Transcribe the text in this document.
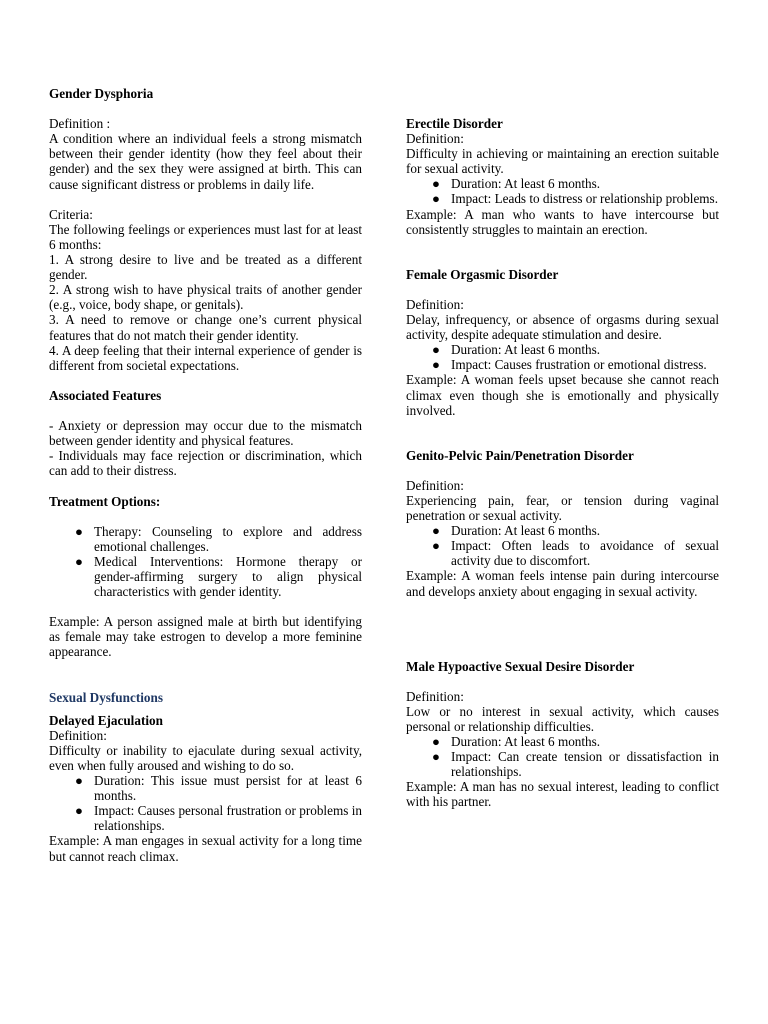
Gender Dysphoria

Definition :

A condition where an individual feels a strong mismatch between their gender identity (how they feel about their gender) and the sex they were assigned at birth. This can cause significant distress or problems in daily life.

Criteria:

The following feelings or experiences must last for at least 6 months:

1. A strong desire to live and be treated as a different gender.

2. A strong wish to have physical traits of another gender (e.g., voice, body shape, or genitals).

3. A need to remove or change one’s current physical features that do not match their gender identity.

4. A deep feeling that their internal experience of gender is different from societal expectations.

Associated Features

- Anxiety or depression may occur due to the mismatch between gender identity and physical features.

- Individuals may face rejection or discrimination, which can add to their distress.

Treatment Options:

● Therapy: Counseling to explore and address emotional challenges.
● Medical Interventions: Hormone therapy or gender-affirming surgery to align physical characteristics with gender identity.

Example: A person assigned male at birth but identifying as female may take estrogen to develop a more feminine appearance.

Sexual Dysfunctions

Delayed Ejaculation

Definition:

Difficulty or inability to ejaculate during sexual activity, even when fully aroused and wishing to do so.

● Duration: This issue must persist for at least 6 months.
● Impact: Causes personal frustration or problems in relationships.

Example: A man engages in sexual activity for a long time but cannot reach climax.

Erectile Disorder

Definition:

Difficulty in achieving or maintaining an erection suitable for sexual activity.

● Duration: At least 6 months.
● Impact: Leads to distress or relationship problems.

Example: A man who wants to have intercourse but consistently struggles to maintain an erection.

Female Orgasmic Disorder

Definition:

Delay, infrequency, or absence of orgasms during sexual activity, despite adequate stimulation and desire.

● Duration: At least 6 months.
● Impact: Causes frustration or emotional distress.

Example: A woman feels upset because she cannot reach climax even though she is emotionally and physically involved.

Genito-Pelvic Pain/Penetration Disorder

Definition:

Experiencing pain, fear, or tension during vaginal penetration or sexual activity.

● Duration: At least 6 months.
● Impact: Often leads to avoidance of sexual activity due to discomfort.

Example: A woman feels intense pain during intercourse and develops anxiety about engaging in sexual activity.

Male Hypoactive Sexual Desire Disorder

Definition:

Low or no interest in sexual activity, which causes personal or relationship difficulties.

● Duration: At least 6 months.
● Impact: Can create tension or dissatisfaction in relationships.

Example: A man has no sexual interest, leading to conflict with his partner.
